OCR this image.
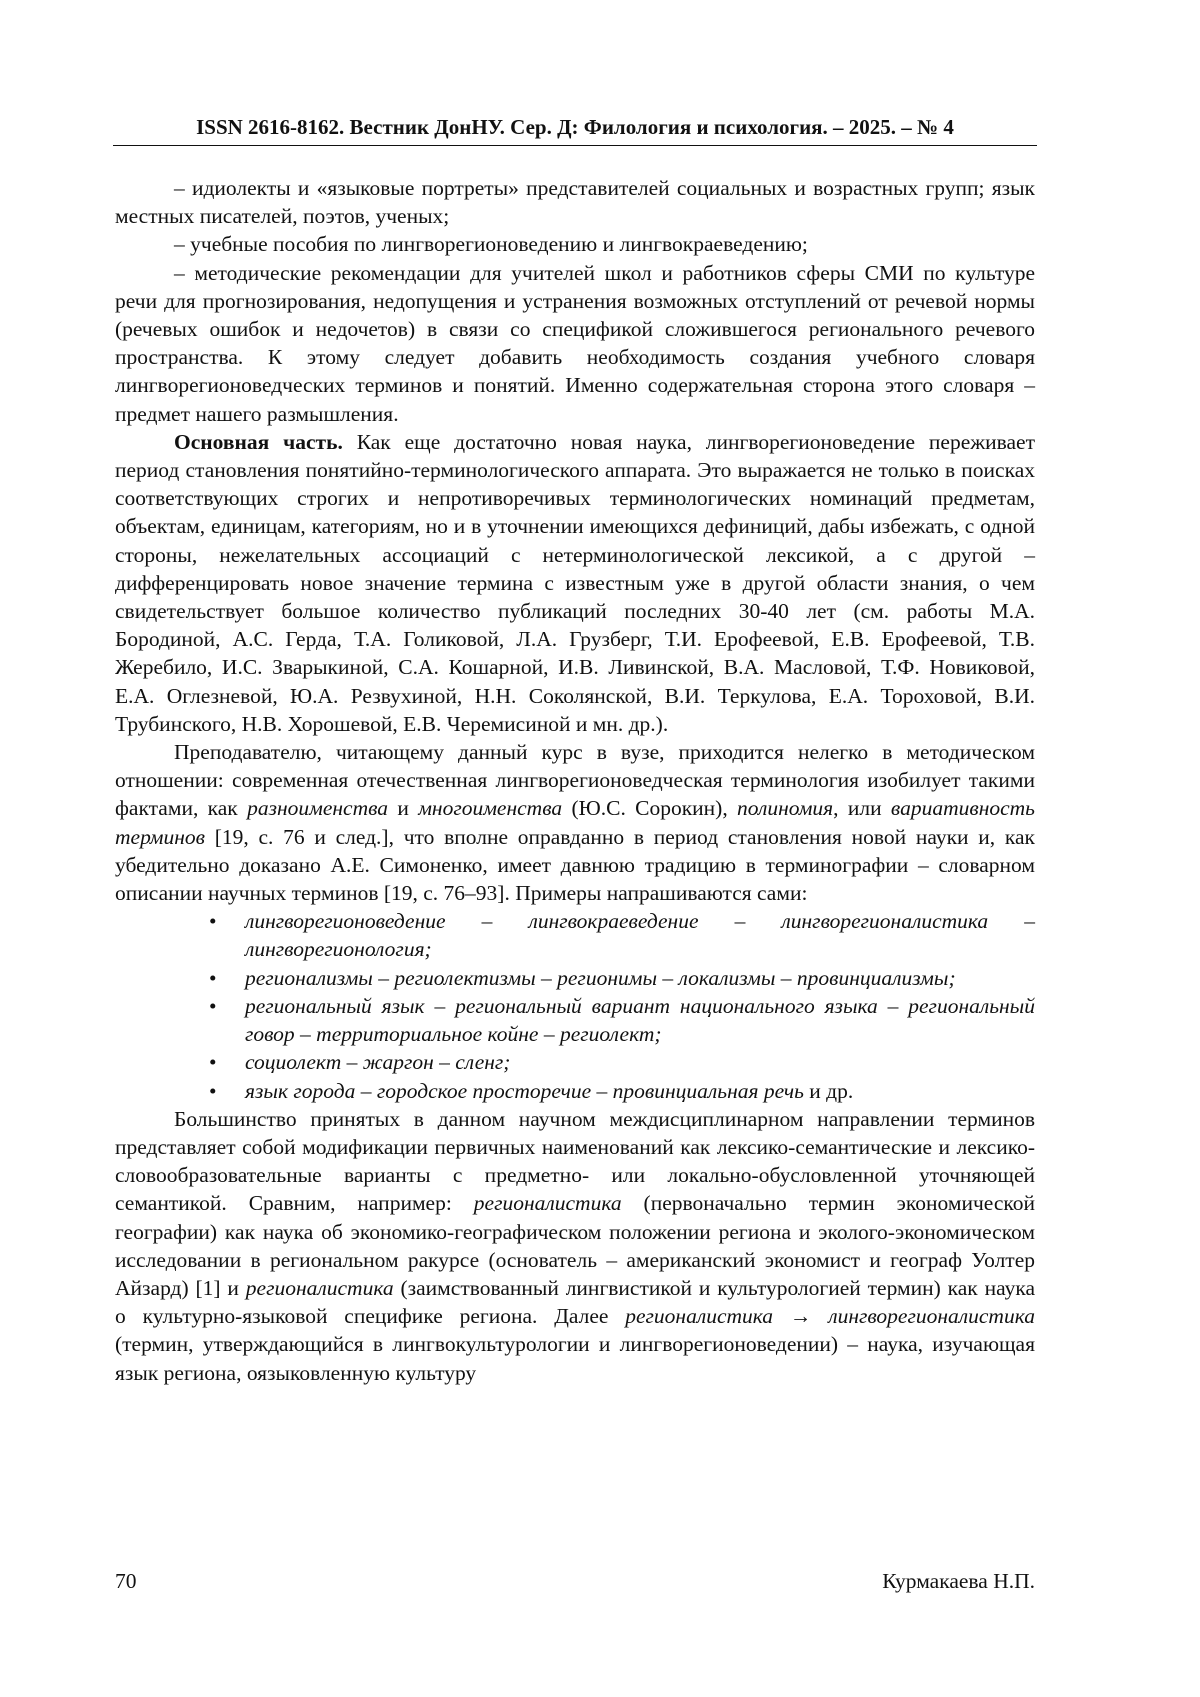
ISSN 2616-8162. Вестник ДонНУ. Сер. Д: Филология и психология. – 2025. – № 4

– идиолекты и «языковые портреты» представителей социальных и возрастных групп; язык местных писателей, поэтов, ученых;

– учебные пособия по лингворегионоведению и лингвокраеведению;

– методические рекомендации для учителей школ и работников сферы СМИ по культуре речи для прогнозирования, недопущения и устранения возможных отступлений от речевой нормы (речевых ошибок и недочетов) в связи со спецификой сложившегося регионального речевого пространства. К этому следует добавить необходимость создания учебного словаря лингворегионоведческих терминов и понятий. Именно содержательная сторона этого словаря – предмет нашего размышления.

Основная часть. Как еще достаточно новая наука, лингворегионоведение переживает период становления понятийно-терминологического аппарата. Это выражается не только в поисках соответствующих строгих и непротиворечивых терминологических номинаций предметам, объектам, единицам, категориям, но и в уточнении имеющихся дефиниций, дабы избежать, с одной стороны, нежелательных ассоциаций с нетерминологической лексикой, а с другой – дифференцировать новое значение термина с известным уже в другой области знания, о чем свидетельствует большое количество публикаций последних 30-40 лет (см. работы М.А. Бородиной, А.С. Герда, Т.А. Голиковой, Л.А. Грузберг, Т.И. Ерофеевой, Е.В. Ерофеевой, Т.В. Жеребило, И.С. Зварыкиной, С.А. Кошарной, И.В. Ливинской, В.А. Масловой, Т.Ф. Новиковой, Е.А. Оглезневой, Ю.А. Резвухиной, Н.Н. Соколянской, В.И. Теркулова, Е.А. Тороховой, В.И. Трубинского, Н.В. Хорошевой, Е.В. Черемисиной и мн. др.).

Преподавателю, читающему данный курс в вузе, приходится нелегко в методическом отношении: современная отечественная лингворегионоведческая терминология изобилует такими фактами, как разноименства и многоименства (Ю.С. Сорокин), полиномия, или вариативность терминов [19, с. 76 и след.], что вполне оправданно в период становления новой науки и, как убедительно доказано А.Е. Симоненко, имеет давнюю традицию в терминографии – словарном описании научных терминов [19, с. 76–93]. Примеры напрашиваются сами:

• лингворегионоведение – лингвокраеведение – лингворегионалистика – лингворегионология;
• регионализмы – региолектизмы – регионимы – локализмы – провинциализмы;
• региональный язык – региональный вариант национального языка – региональный говор – территориальное койне – региолект;
• социолект – жаргон – сленг;
• язык города – городское просторечие – провинциальная речь и др.

Большинство принятых в данном научном междисциплинарном направлении терминов представляет собой модификации первичных наименований как лексико-семантические и лексико-словообразовательные варианты с предметно- или локально-обусловленной уточняющей семантикой. Сравним, например: регионалистика (первоначально термин экономической географии) как наука об экономико-географическом положении региона и эколого-экономическом исследовании в региональном ракурсе (основатель – американский экономист и географ Уолтер Айзард) [1] и регионалистика (заимствованный лингвистикой и культурологией термин) как наука о культурно-языковой специфике региона. Далее регионалистика → лингворегионалистика (термин, утверждающийся в лингвокультурологии и лингворегионоведении) – наука, изучающая язык региона, оязыковленную культуру

70	Курмакаева Н.П.
